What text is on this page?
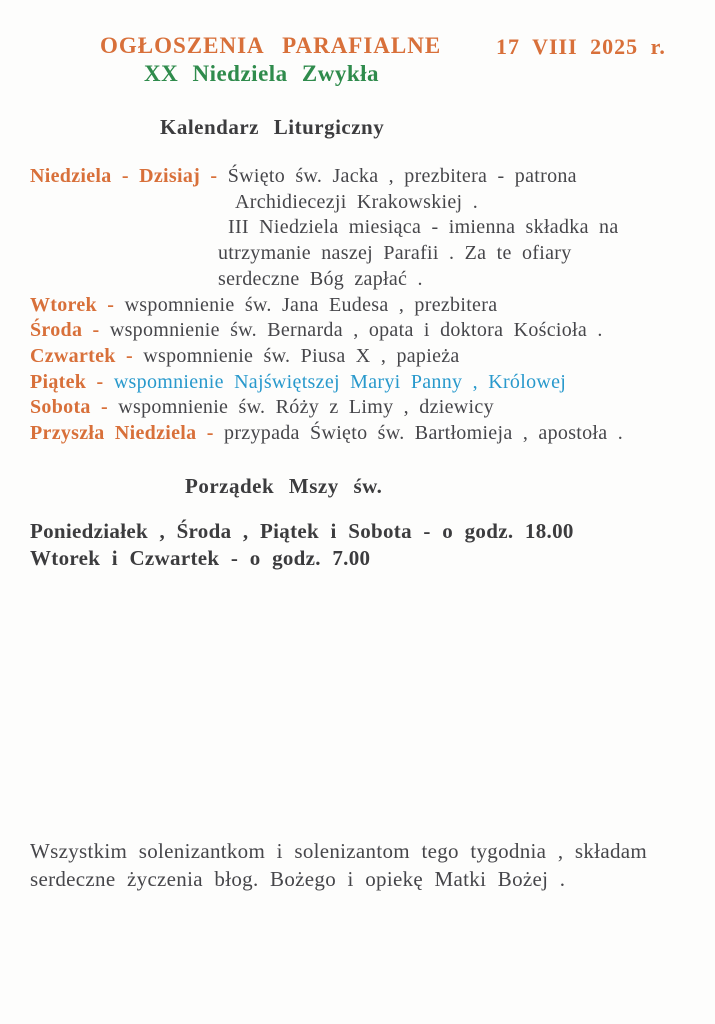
OGŁOSZENIA PARAFIALNE 17 VIII 2025 r.
XX Niedziela Zwykła
Kalendarz Liturgiczny
Niedziela - Dzisiaj - Święto św. Jacka , prezbitera - patrona
Archidiecezji Krakowskiej .
III Niedziela miesiąca - imienna składka na
utrzymanie naszej Parafii . Za te ofiary
serdeczne Bóg zapłać .
Wtorek - wspomnienie św. Jana Eudesa , prezbitera
Środa - wspomnienie św. Bernarda , opata i doktora Kościoła .
Czwartek - wspomnienie św. Piusa X , papieża
Piątek - wspomnienie Najświętszej Maryi Panny , Królowej
Sobota - wspomnienie św. Róży z Limy , dziewicy
Przyszła Niedziela - przypada Święto św. Bartłomieja , apostoła .
Porządek Mszy św.
Poniedziałek , Środa , Piątek i Sobota - o godz. 18.00
Wtorek i Czwartek - o godz. 7.00
Wszystkim solenizantkom i solenizantom tego tygodnia , składam
serdeczne życzenia błog. Bożego i opiekę Matki Bożej .
